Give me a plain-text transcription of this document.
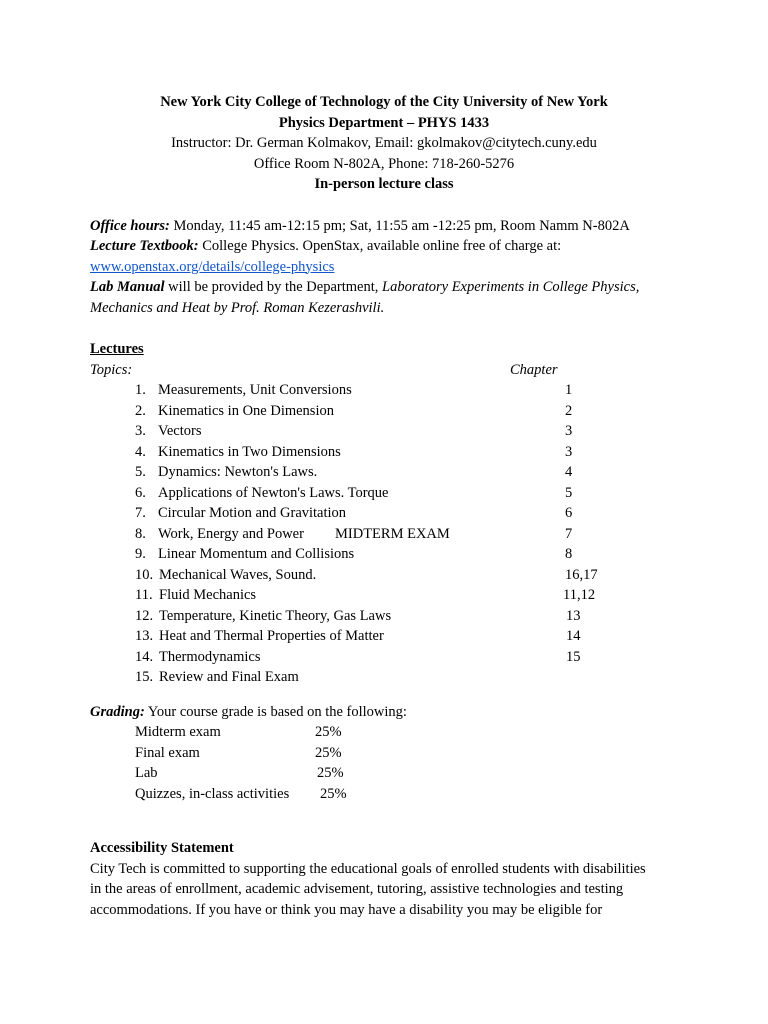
New York City College of Technology of the City University of New York
Physics Department – PHYS 1433
Instructor: Dr. German Kolmakov, Email: gkolmakov@citytech.cuny.edu
Office Room N-802A, Phone: 718-260-5276
In-person lecture class
Office hours: Monday, 11:45 am-12:15 pm; Sat, 11:55 am -12:25 pm, Room Namm N-802A
Lecture Textbook: College Physics. OpenStax, available online free of charge at:
www.openstax.org/details/college-physics
Lab Manual will be provided by the Department, Laboratory Experiments in College Physics,
Mechanics and Heat by Prof. Roman Kezerashvili.
Lectures
Topics:	Chapter
1. Measurements, Unit Conversions	1
2. Kinematics in One Dimension	2
3. Vectors	3
4. Kinematics in Two Dimensions	3
5. Dynamics: Newton's Laws.	4
6. Applications of Newton's Laws. Torque	5
7. Circular Motion and Gravitation	6
8. Work, Energy and Power MIDTERM EXAM	7
9. Linear Momentum and Collisions	8
10. Mechanical Waves, Sound.	16,17
11. Fluid Mechanics	11,12
12. Temperature, Kinetic Theory, Gas Laws	13
13. Heat and Thermal Properties of Matter	14
14. Thermodynamics	15
15. Review and Final Exam
Grading: Your course grade is based on the following:
Midterm exam	25%
Final exam	25%
Lab	25%
Quizzes, in-class activities 25%
Accessibility Statement
City Tech is committed to supporting the educational goals of enrolled students with disabilities
in the areas of enrollment, academic advisement, tutoring, assistive technologies and testing
accommodations. If you have or think you may have a disability you may be eligible for
